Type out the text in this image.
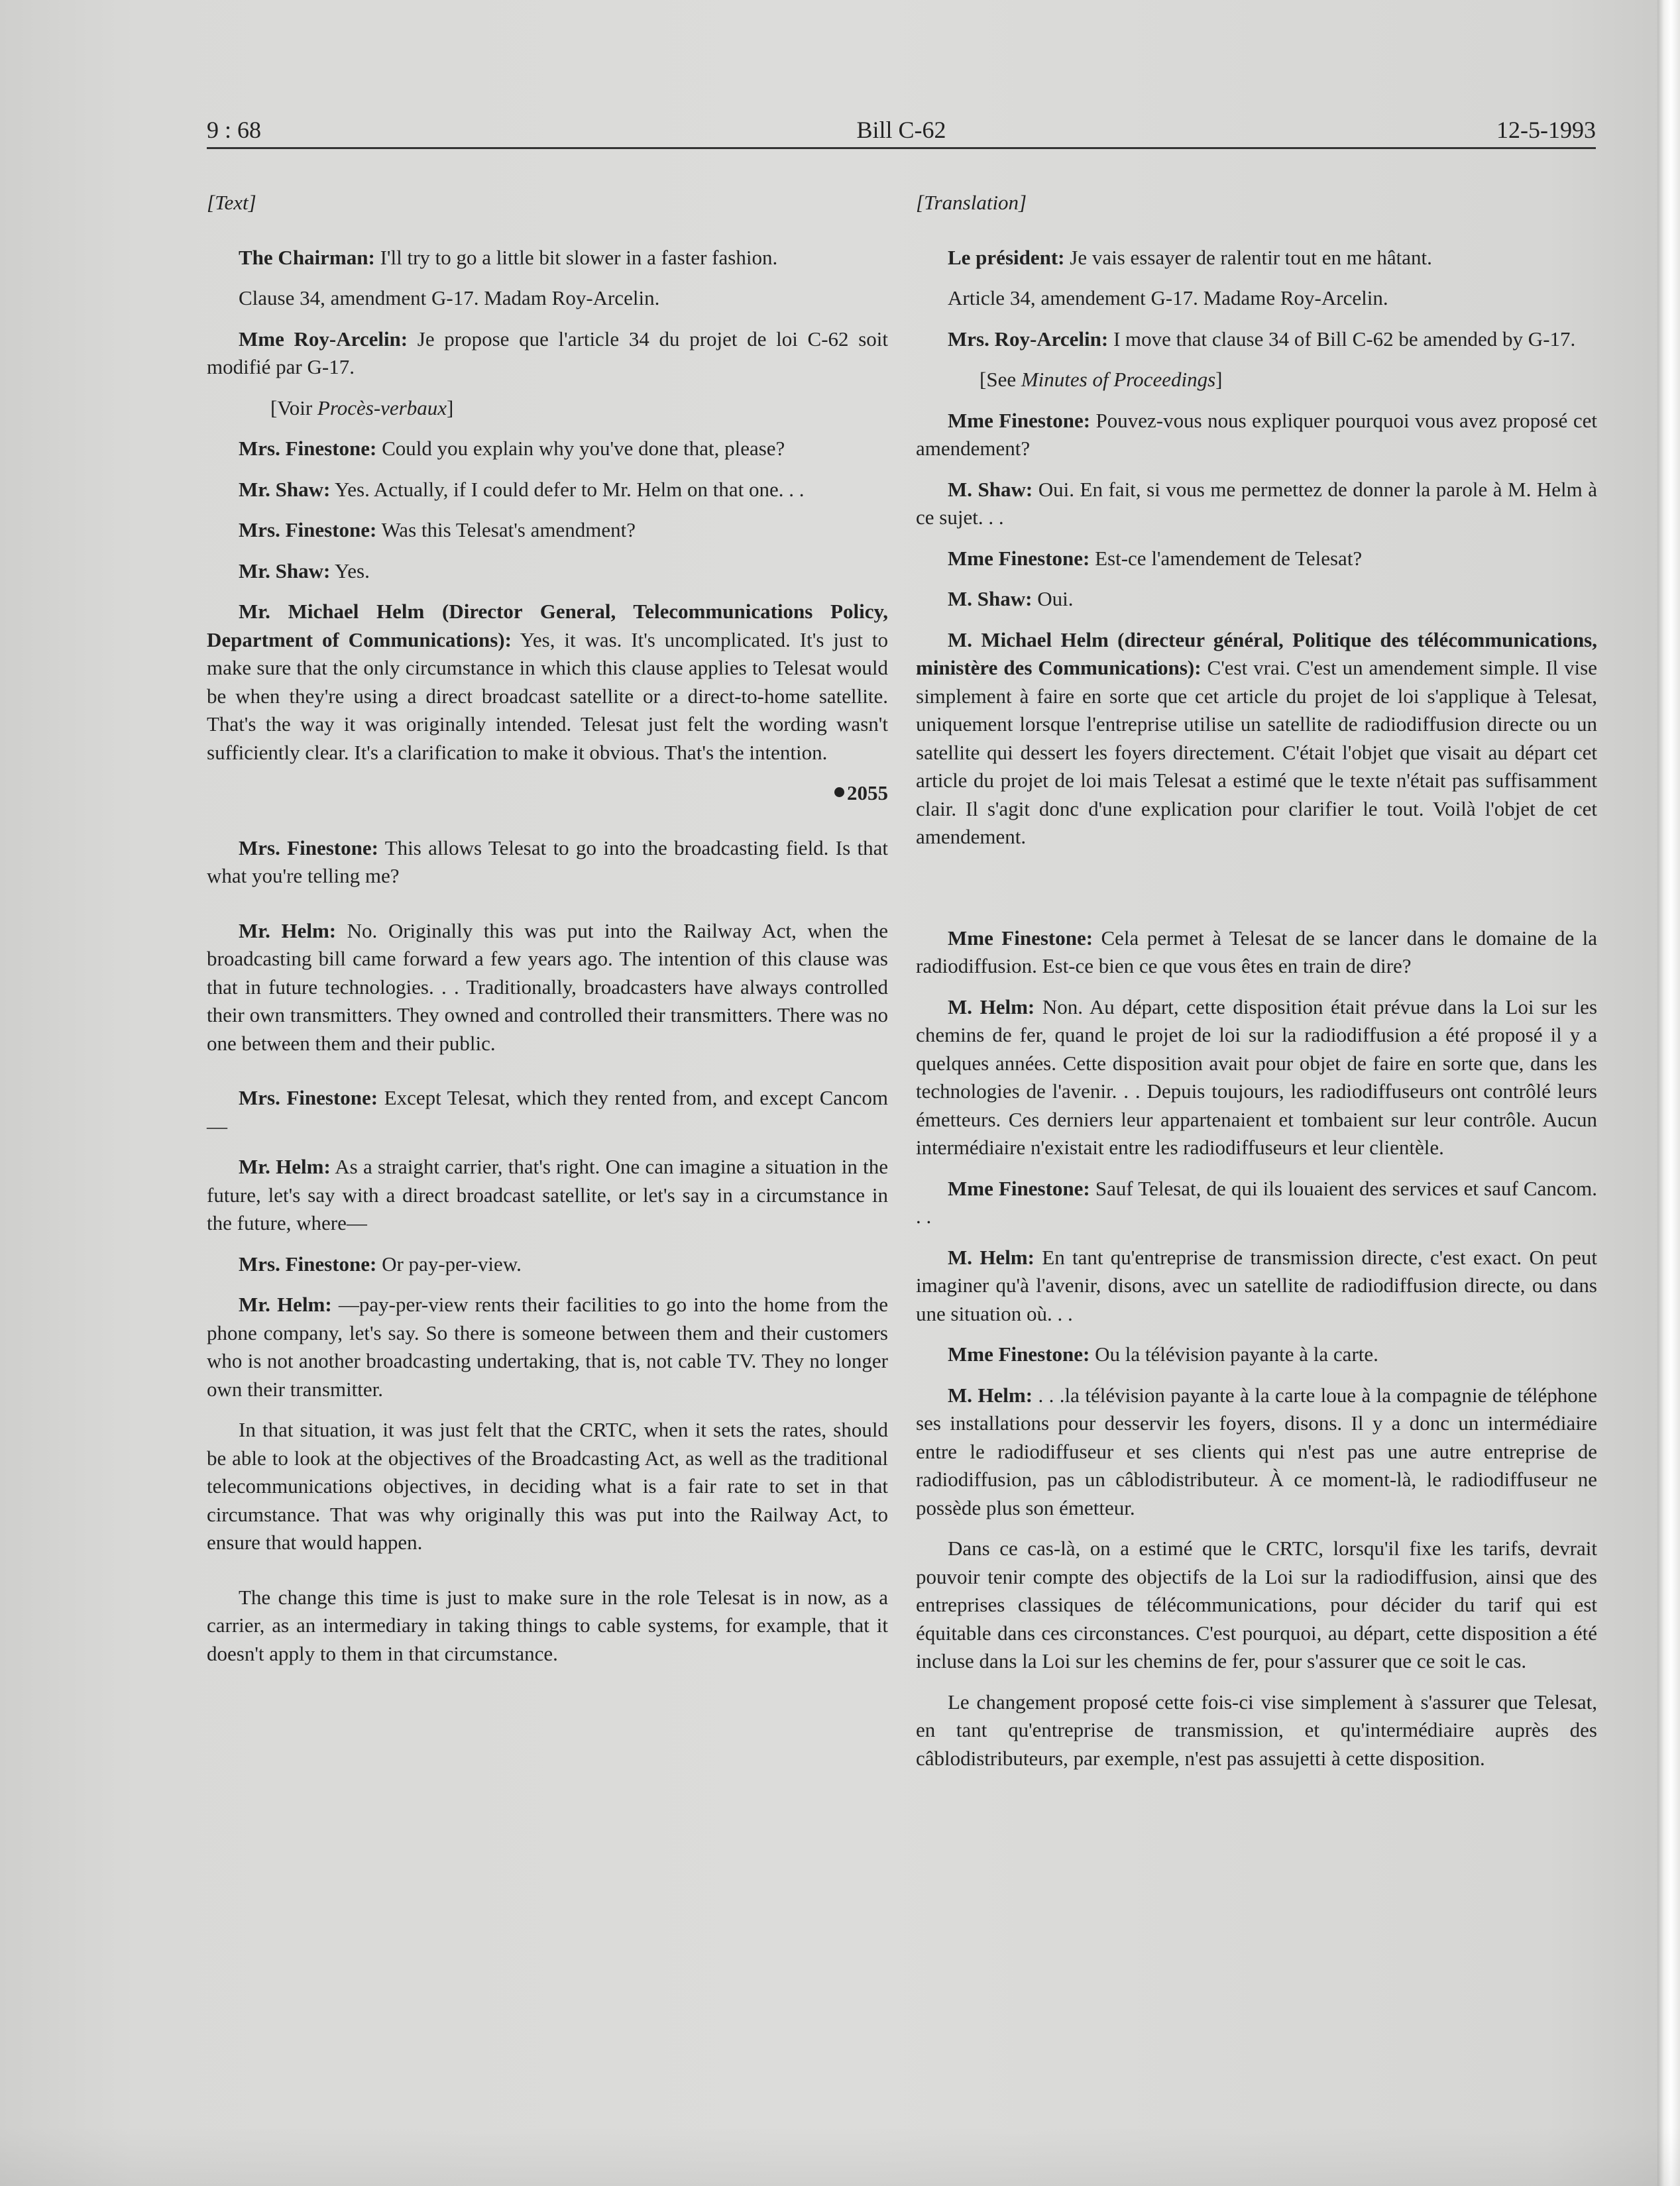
9 : 68	Bill C-62	12-5-1993

[Text]

The Chairman: I'll try to go a little bit slower in a faster fashion.

Clause 34, amendment G-17. Madam Roy-Arcelin.

Mme Roy-Arcelin: Je propose que l'article 34 du projet de loi C-62 soit modifié par G-17.

[Voir Procès-verbaux]

Mrs. Finestone: Could you explain why you've done that, please?

Mr. Shaw: Yes. Actually, if I could defer to Mr. Helm on that one. . .

Mrs. Finestone: Was this Telesat's amendment?

Mr. Shaw: Yes.

Mr. Michael Helm (Director General, Telecommunications Policy, Department of Communications): Yes, it was. It's uncomplicated. It's just to make sure that the only circumstance in which this clause applies to Telesat would be when they're using a direct broadcast satellite or a direct-to-home satellite. That's the way it was originally intended. Telesat just felt the wording wasn't sufficiently clear. It's a clarification to make it obvious. That's the intention.

2055

Mrs. Finestone: This allows Telesat to go into the broadcasting field. Is that what you're telling me?

Mr. Helm: No. Originally this was put into the Railway Act, when the broadcasting bill came forward a few years ago. The intention of this clause was that in future technologies. . . Traditionally, broadcasters have always controlled their own transmitters. They owned and controlled their transmitters. There was no one between them and their public.

Mrs. Finestone: Except Telesat, which they rented from, and except Cancom—

Mr. Helm: As a straight carrier, that's right. One can imagine a situation in the future, let's say with a direct broadcast satellite, or let's say in a circumstance in the future, where—

Mrs. Finestone: Or pay-per-view.

Mr. Helm: —pay-per-view rents their facilities to go into the home from the phone company, let's say. So there is someone between them and their customers who is not another broadcasting undertaking, that is, not cable TV. They no longer own their transmitter.

In that situation, it was just felt that the CRTC, when it sets the rates, should be able to look at the objectives of the Broadcasting Act, as well as the traditional telecommunications objectives, in deciding what is a fair rate to set in that circumstance. That was why originally this was put into the Railway Act, to ensure that would happen.

The change this time is just to make sure in the role Telesat is in now, as a carrier, as an intermediary in taking things to cable systems, for example, that it doesn't apply to them in that circumstance.

[Translation]

Le président: Je vais essayer de ralentir tout en me hâtant.

Article 34, amendement G-17. Madame Roy-Arcelin.

Mrs. Roy-Arcelin: I move that clause 34 of Bill C-62 be amended by G-17.

[See Minutes of Proceedings]

Mme Finestone: Pouvez-vous nous expliquer pourquoi vous avez proposé cet amendement?

M. Shaw: Oui. En fait, si vous me permettez de donner la parole à M. Helm à ce sujet. . .

Mme Finestone: Est-ce l'amendement de Telesat?

M. Shaw: Oui.

M. Michael Helm (directeur général, Politique des télécommunications, ministère des Communications): C'est vrai. C'est un amendement simple. Il vise simplement à faire en sorte que cet article du projet de loi s'applique à Telesat, uniquement lorsque l'entreprise utilise un satellite de radiodiffusion directe ou un satellite qui dessert les foyers directement. C'était l'objet que visait au départ cet article du projet de loi mais Telesat a estimé que le texte n'était pas suffisamment clair. Il s'agit donc d'une explication pour clarifier le tout. Voilà l'objet de cet amendement.

Mme Finestone: Cela permet à Telesat de se lancer dans le domaine de la radiodiffusion. Est-ce bien ce que vous êtes en train de dire?

M. Helm: Non. Au départ, cette disposition était prévue dans la Loi sur les chemins de fer, quand le projet de loi sur la radiodiffusion a été proposé il y a quelques années. Cette disposition avait pour objet de faire en sorte que, dans les technologies de l'avenir. . . Depuis toujours, les radiodiffuseurs ont contrôlé leurs émetteurs. Ces derniers leur appartenaient et tombaient sur leur contrôle. Aucun intermédiaire n'existait entre les radiodiffuseurs et leur clientèle.

Mme Finestone: Sauf Telesat, de qui ils louaient des services et sauf Cancom. . .

M. Helm: En tant qu'entreprise de transmission directe, c'est exact. On peut imaginer qu'à l'avenir, disons, avec un satellite de radiodiffusion directe, ou dans une situation où. . .

Mme Finestone: Ou la télévision payante à la carte.

M. Helm: . . .la télévision payante à la carte loue à la compagnie de téléphone ses installations pour desservir les foyers, disons. Il y a donc un intermédiaire entre le radiodiffuseur et ses clients qui n'est pas une autre entreprise de radiodiffusion, pas un câblodistributeur. À ce moment-là, le radiodiffuseur ne possède plus son émetteur.

Dans ce cas-là, on a estimé que le CRTC, lorsqu'il fixe les tarifs, devrait pouvoir tenir compte des objectifs de la Loi sur la radiodiffusion, ainsi que des entreprises classiques de télécommunications, pour décider du tarif qui est équitable dans ces circonstances. C'est pourquoi, au départ, cette disposition a été incluse dans la Loi sur les chemins de fer, pour s'assurer que ce soit le cas.

Le changement proposé cette fois-ci vise simplement à s'assurer que Telesat, en tant qu'entreprise de transmission, et qu'intermédiaire auprès des câblodistributeurs, par exemple, n'est pas assujetti à cette disposition.
